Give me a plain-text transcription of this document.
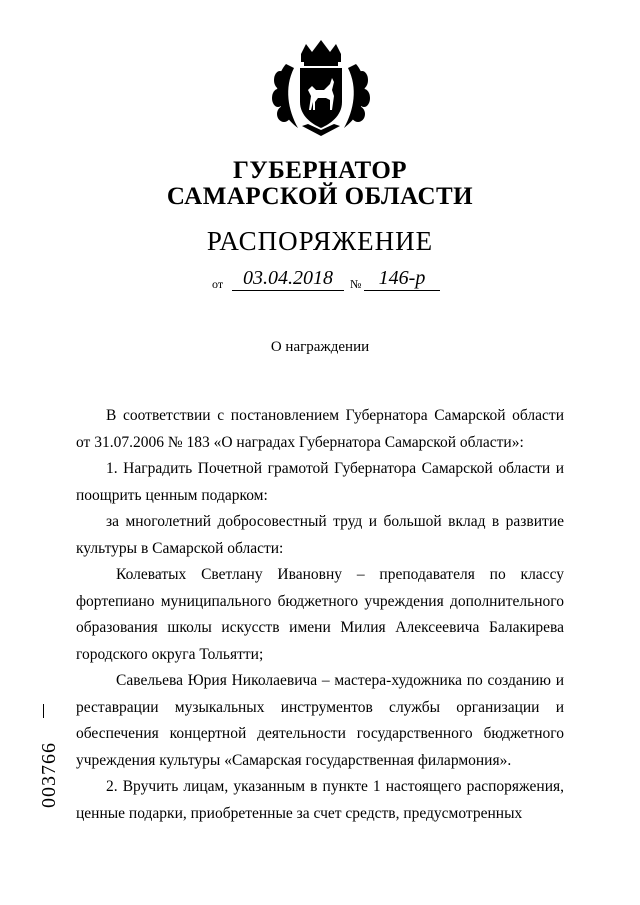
ГУБЕРНАТОР
САМАРСКОЙ ОБЛАСТИ
РАСПОРЯЖЕНИЕ
от 03.04.2018	№ 146-р
О награждении

В соответствии с постановлением Губернатора Самарской области от 31.07.2006 № 183 «О наградах Губернатора Самарской области»:

1. Наградить Почетной грамотой Губернатора Самарской области и поощрить ценным подарком:

за многолетний добросовестный труд и большой вклад в развитие культуры в Самарской области:

Колеватых Светлану Ивановну – преподавателя по классу фортепиано муниципального бюджетного учреждения дополнительного образования школы искусств имени Милия Алексеевича Балакирева городского округа Тольятти;

Савельева Юрия Николаевича – мастера-художника по созданию и реставрации музыкальных инструментов службы организации и обеспечения концертной деятельности государственного бюджетного учреждения культуры «Самарская государственная филармония».

2. Вручить лицам, указанным в пункте 1 настоящего распоряжения, ценные подарки, приобретенные за счет средств, предусмотренных

003766
